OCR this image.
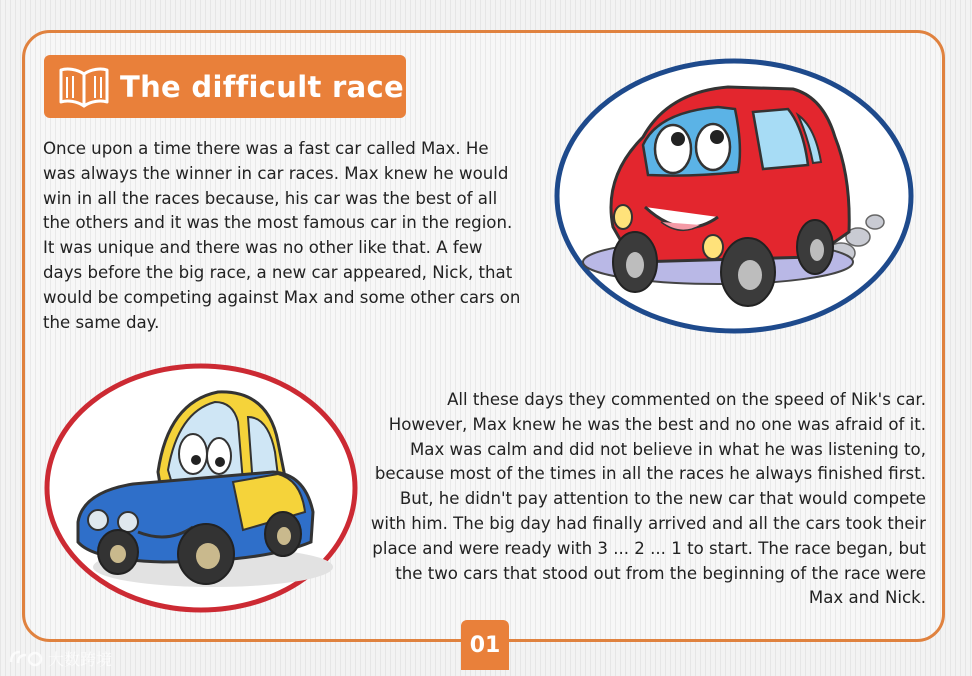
The difficult race

Once upon a time there was a fast car called Max. He was always the winner in car races. Max knew he would win in all the races because, his car was the best of all the others and it was the most famous car in the region. It was unique and there was no other like that. A few days before the big race, a new car appeared, Nick, that would be competing against Max and some other cars on the same day.

All these days they commented on the speed of Nik's car. However, Max knew he was the best and no one was afraid of it. Max was calm and did not believe in what he was listening to, because most of the times in all the races he always finished first. But, he didn't pay attention to the new car that would compete with him. The big day had finally arrived and all the cars took their place and were ready with 3 ... 2 ... 1 to start. The race began, but the two cars that stood out from the beginning of the race were Max and Nick.

01
大数跨境
